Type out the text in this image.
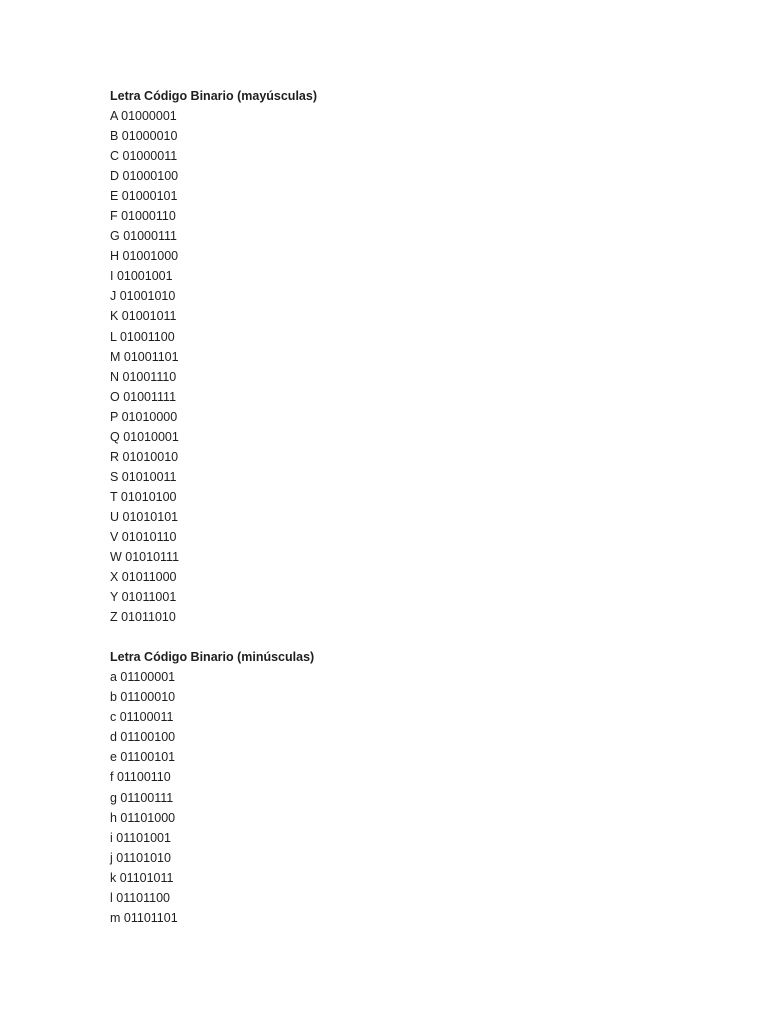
Letra Código Binario (mayúsculas)
A 01000001
B 01000010
C 01000011
D 01000100
E 01000101
F 01000110
G 01000111
H 01001000
I 01001001
J 01001010
K 01001011
L 01001100
M 01001101
N 01001110
O 01001111
P 01010000
Q 01010001
R 01010010
S 01010011
T 01010100
U 01010101
V 01010110
W 01010111
X 01011000
Y 01011001
Z 01011010
Letra Código Binario (minúsculas)
a 01100001
b 01100010
c 01100011
d 01100100
e 01100101
f 01100110
g 01100111
h 01101000
i 01101001
j 01101010
k 01101011
l 01101100
m 01101101
